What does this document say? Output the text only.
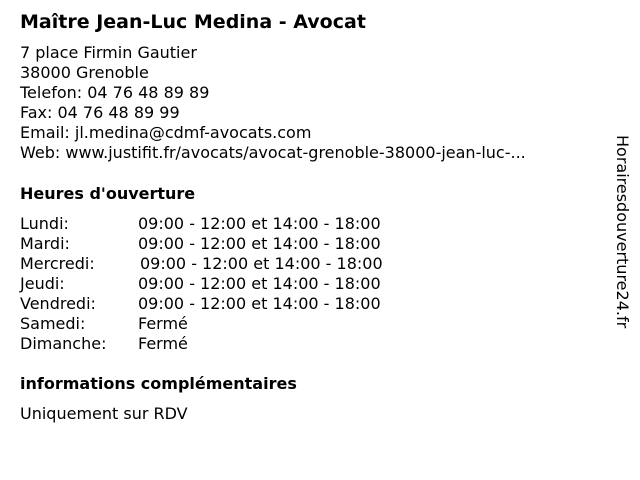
Maître Jean-Luc Medina - Avocat
7 place Firmin Gautier
38000 Grenoble
Telefon: 04 76 48 89 89
Fax: 04 76 48 89 99
Email: jl.medina@cdmf-avocats.com
Web: www.justifit.fr/avocats/avocat-grenoble-38000-jean-luc-...
Heures d'ouverture
Lundi:	09:00 - 12:00 et 14:00 - 18:00
Mardi:	09:00 - 12:00 et 14:00 - 18:00
Mercredi:	09:00 - 12:00 et 14:00 - 18:00
Jeudi:	09:00 - 12:00 et 14:00 - 18:00
Vendredi:	09:00 - 12:00 et 14:00 - 18:00
Samedi:	Fermé
Dimanche: Fermé
informations complémentaires
Uniquement sur RDV
Horairesdouverture24.fr
